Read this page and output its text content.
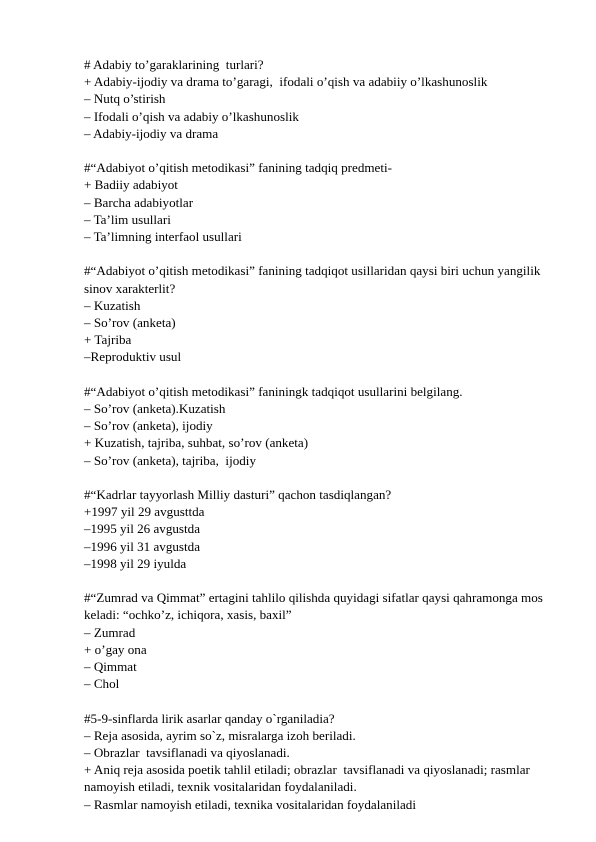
# Adabiy to’garaklarining  turlari?
+ Adabiy-ijodiy va drama to’garagi,  ifodali o’qish va adabiiy o’lkashunoslik
– Nutq o’stirish
– Ifodali o’qish va adabiy o’lkashunoslik
– Adabiy-ijodiy va drama
#“Adabiyot o’qitish metodikasi” fanining tadqiq predmeti-
+ Badiiy adabiyot
– Barcha adabiyotlar
– Ta’lim usullari
– Ta’limning interfaol usullari
#“Adabiyot o’qitish metodikasi” fanining tadqiqot usillaridan qaysi biri uchun yangilik sinov xarakterlit?
– Kuzatish
– So’rov (anketa)
+ Tajriba
–Reproduktiv usul
#“Adabiyot o’qitish metodikasi” faniningk tadqiqot usullarini belgilang.
– So’rov (anketa).Kuzatish
– So’rov (anketa), ijodiy
+ Kuzatish, tajriba, suhbat, so’rov (anketa)
– So’rov (anketa), tajriba,  ijodiy
#“Kadrlar tayyorlash Milliy dasturi” qachon tasdiqlangan?
+1997 yil 29 avgusttda
–1995 yil 26 avgustda
–1996 yil 31 avgustda
–1998 yil 29 iyulda
#“Zumrad va Qimmat” ertagini tahlilo qilishda quyidagi sifatlar qaysi qahramonga mos keladi: “ochko’z, ichiqora, xasis, baxil”
– Zumrad
+ o’gay ona
– Qimmat
– Chol
#5-9-sinflarda lirik asarlar qanday o`rganiladia?
– Reja asosida, ayrim so`z, misralarga izoh beriladi.
– Obrazlar  tavsiflanadi va qiyoslanadi.
+ Aniq reja asosida poetik tahlil etiladi; obrazlar  tavsiflanadi va qiyoslanadi; rasmlar namoyish etiladi, texnik vositalaridan foydalaniladi.
– Rasmlar namoyish etiladi, texnika vositalaridan foydalaniladi
